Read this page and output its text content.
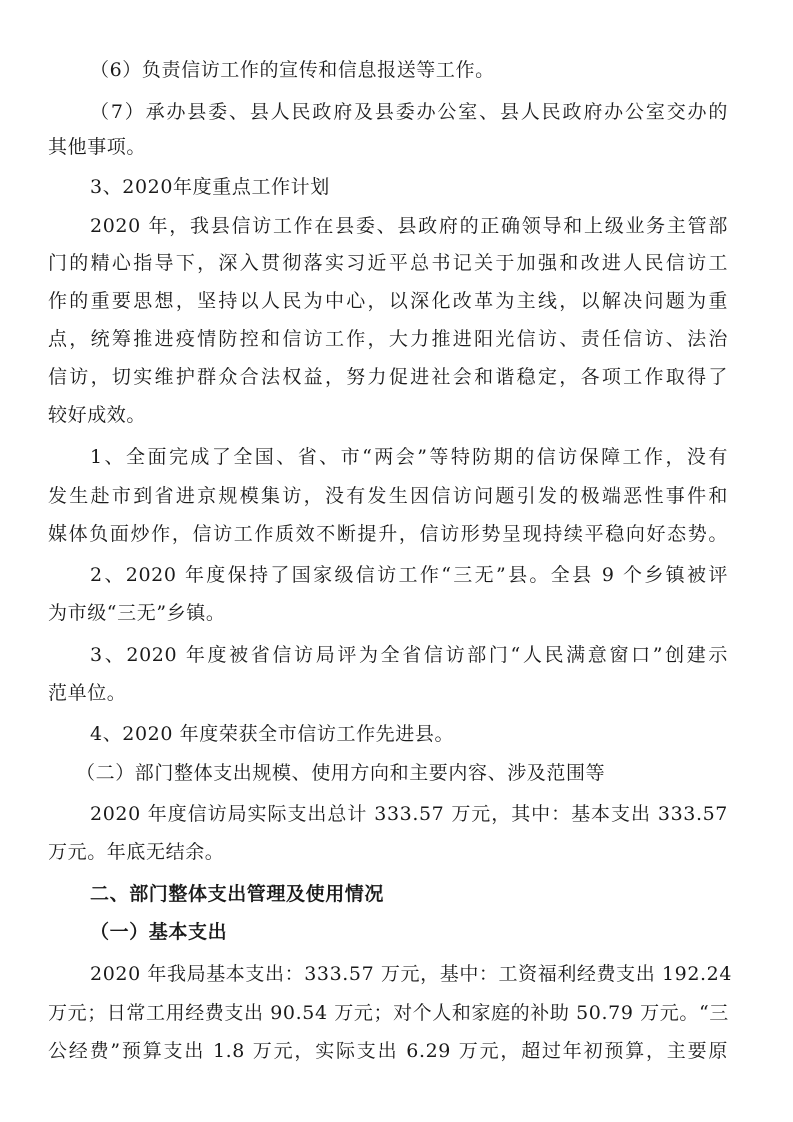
（6）负责信访工作的宣传和信息报送等工作。

（7）承办县委、县人民政府及县委办公室、县人民政府办公室交办的

其他事项。

3、2020年度重点工作计划

2020 年，我县信访工作在县委、县政府的正确领导和上级业务主管部

门的精心指导下，深入贯彻落实习近平总书记关于加强和改进人民信访工

作的重要思想，坚持以人民为中心，以深化改革为主线，以解决问题为重

点，统筹推进疫情防控和信访工作，大力推进阳光信访、责任信访、法治

信访，切实维护群众合法权益，努力促进社会和谐稳定，各项工作取得了

较好成效。

1、全面完成了全国、省、市“两会”等特防期的信访保障工作，没有

发生赴市到省进京规模集访，没有发生因信访问题引发的极端恶性事件和

媒体负面炒作，信访工作质效不断提升，信访形势呈现持续平稳向好态势。

2、2020 年度保持了国家级信访工作“三无”县。全县 9 个乡镇被评

为市级“三无”乡镇。

3、2020 年度被省信访局评为全省信访部门“人民满意窗口”创建示

范单位。

4、2020 年度荣获全市信访工作先进县。

（二）部门整体支出规模、使用方向和主要内容、涉及范围等

2020 年度信访局实际支出总计 333.57 万元，其中：基本支出 333.57

万元。年底无结余。

二、部门整体支出管理及使用情况

（一）基本支出

2020 年我局基本支出：333.57 万元，基中：工资福利经费支出 192.24

万元；日常工用经费支出 90.54 万元；对个人和家庭的补助 50.79 万元。“三

公经费”预算支出 1.8 万元，实际支出 6.29 万元，超过年初预算，主要原
